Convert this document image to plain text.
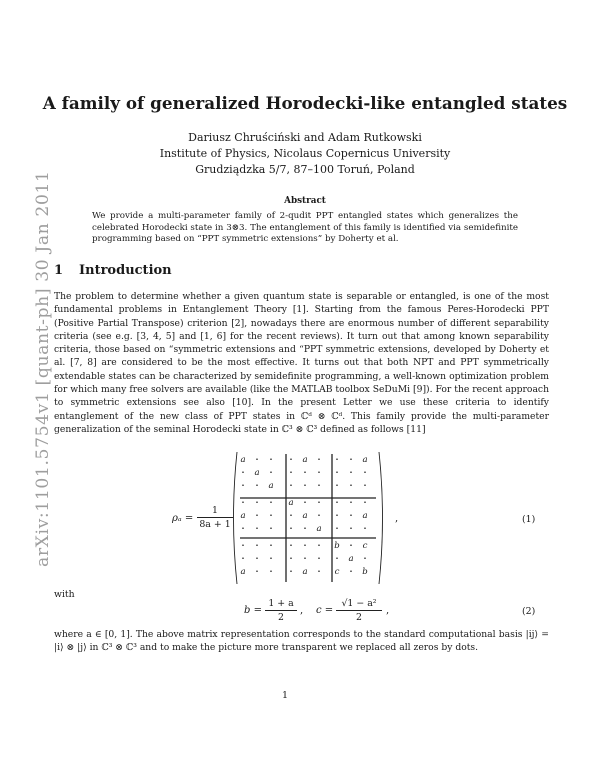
arXiv:1101.5754v1 [quant-ph] 30 Jan 2011
A family of generalized Horodecki-like entangled states
Dariusz Chruściński and Adam Rutkowski
Institute of Physics, Nicolaus Copernicus University
Grudziądzka 5/7, 87–100 Toruń, Poland
Abstract
We provide a multi-parameter family of 2-qudit PPT entangled states which generalizes the celebrated Horodecki state in 3⊗3. The entanglement of this family is identified via semidefinite programming based on “PPT symmetric extensions” by Doherty et al.
1 Introduction
The problem to determine whether a given quantum state is separable or entangled, is one of the most fundamental problems in Entanglement Theory [1]. Starting from the famous Peres-Horodecki PPT (Positive Partial Transpose) criterion [2], nowadays there are enormous number of different separability criteria (see e.g. [3, 4, 5] and [1, 6] for the recent reviews). It turn out that among known separability criteria, those based on “symmetric extensions and “PPT symmetric extensions, developed by Doherty et al. [7, 8] are considered to be the most effective. It turns out that both NPT and PPT symmetrically extendable states can be characterized by semidefinite programming, a well-known optimization problem for which many free solvers are available (like the MATLAB toolbox SeDuMi [9]). For the recent approach to symmetric extensions see also [10]. In the present Letter we use these criteria to identify entanglement of the new class of PPT states in ℂᵈ ⊗ ℂᵈ. This family provide the multi-parameter generalization of the seminal Horodecki state in ℂ³ ⊗ ℂ³ defined as follows [11]
$\rho_a = \frac{1}{8a + 1}$
a	·	·	·	a	·	·	·	a
·	a	·	·	·	·	·	·	·
·	·	a	·	·	·	·	·	·
·	·	·	a	·	·	·	·	·
a	·	·	·	a	·	·	·	a
·	·	·	·	·	a	·	·	·
·	·	·	·	·	·	b	·	c
·	·	·	·	·	·	·	a	·
a	·	·	·	a	·	c	·	b
,	(1)
with
$b = \frac{1 + a}{2}$ , $c = \frac{\text{√1 − a²}}{2}$ ,	(2)
where a ∈ [0, 1]. The above matrix representation corresponds to the standard computational basis |ij⟩ = |i⟩ ⊗ |j⟩ in ℂ³ ⊗ ℂ³ and to make the picture more transparent we replaced all zeros by dots.
1
